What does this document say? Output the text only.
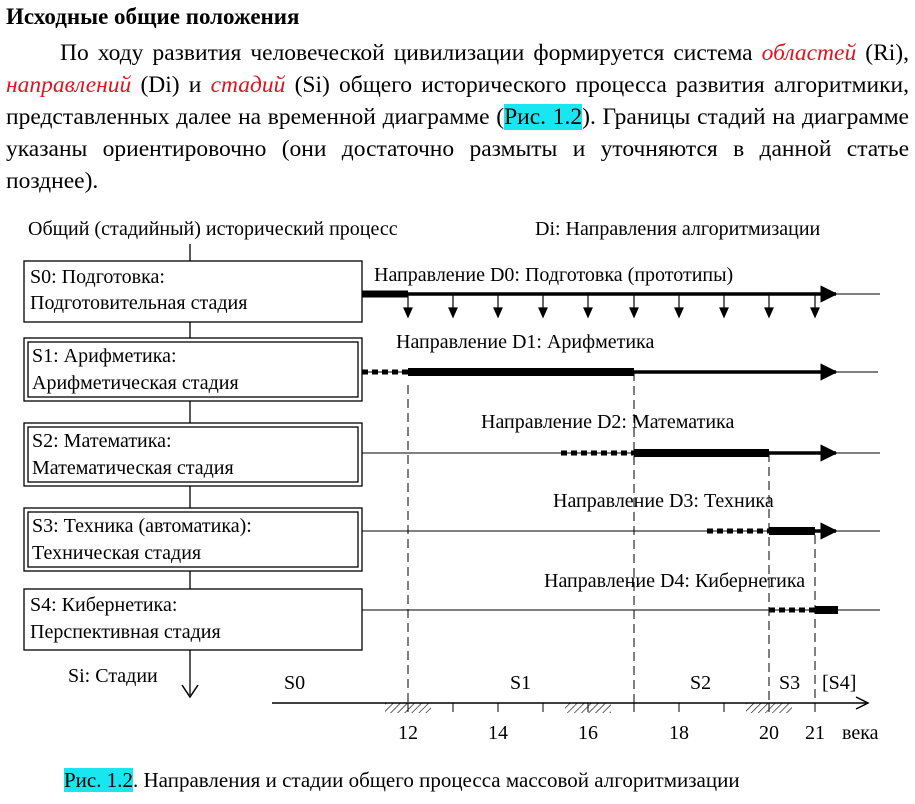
Исходные общие положения
По ходу развития человеческой цивилизации формируется система областей (Ri), направлений (Di) и стадий (Si) общего исторического процесса развития алгоритмики, представленных далее на временной диаграмме (Рис. 1.2). Границы стадий на диаграмме указаны ориентировочно (они достаточно размыты и уточняются в данной статье позднее).
Общий (стадийный) исторический процесс	Di: Направления алгоритмизации
Si: Стадии
S0: Подготовка:
Подготовительная стадия
S1: Арифметика:
Арифметическая стадия
S2: Математика:
Математическая стадия
S3: Техника (автоматика):
Техническая стадия
S4: Кибернетика:
Перспективная стадия
Направление D0: Подготовка (прототипы)
Направление D1: Арифметика
Направление D2: Математика
Направление D3: Техника
Направление D4: Кибернетика
S0	S1	S2	S3 [S4]
12	14	16	18	20 21 века
Рис. 1.2. Направления и стадии общего процесса массовой алгоритмизации
